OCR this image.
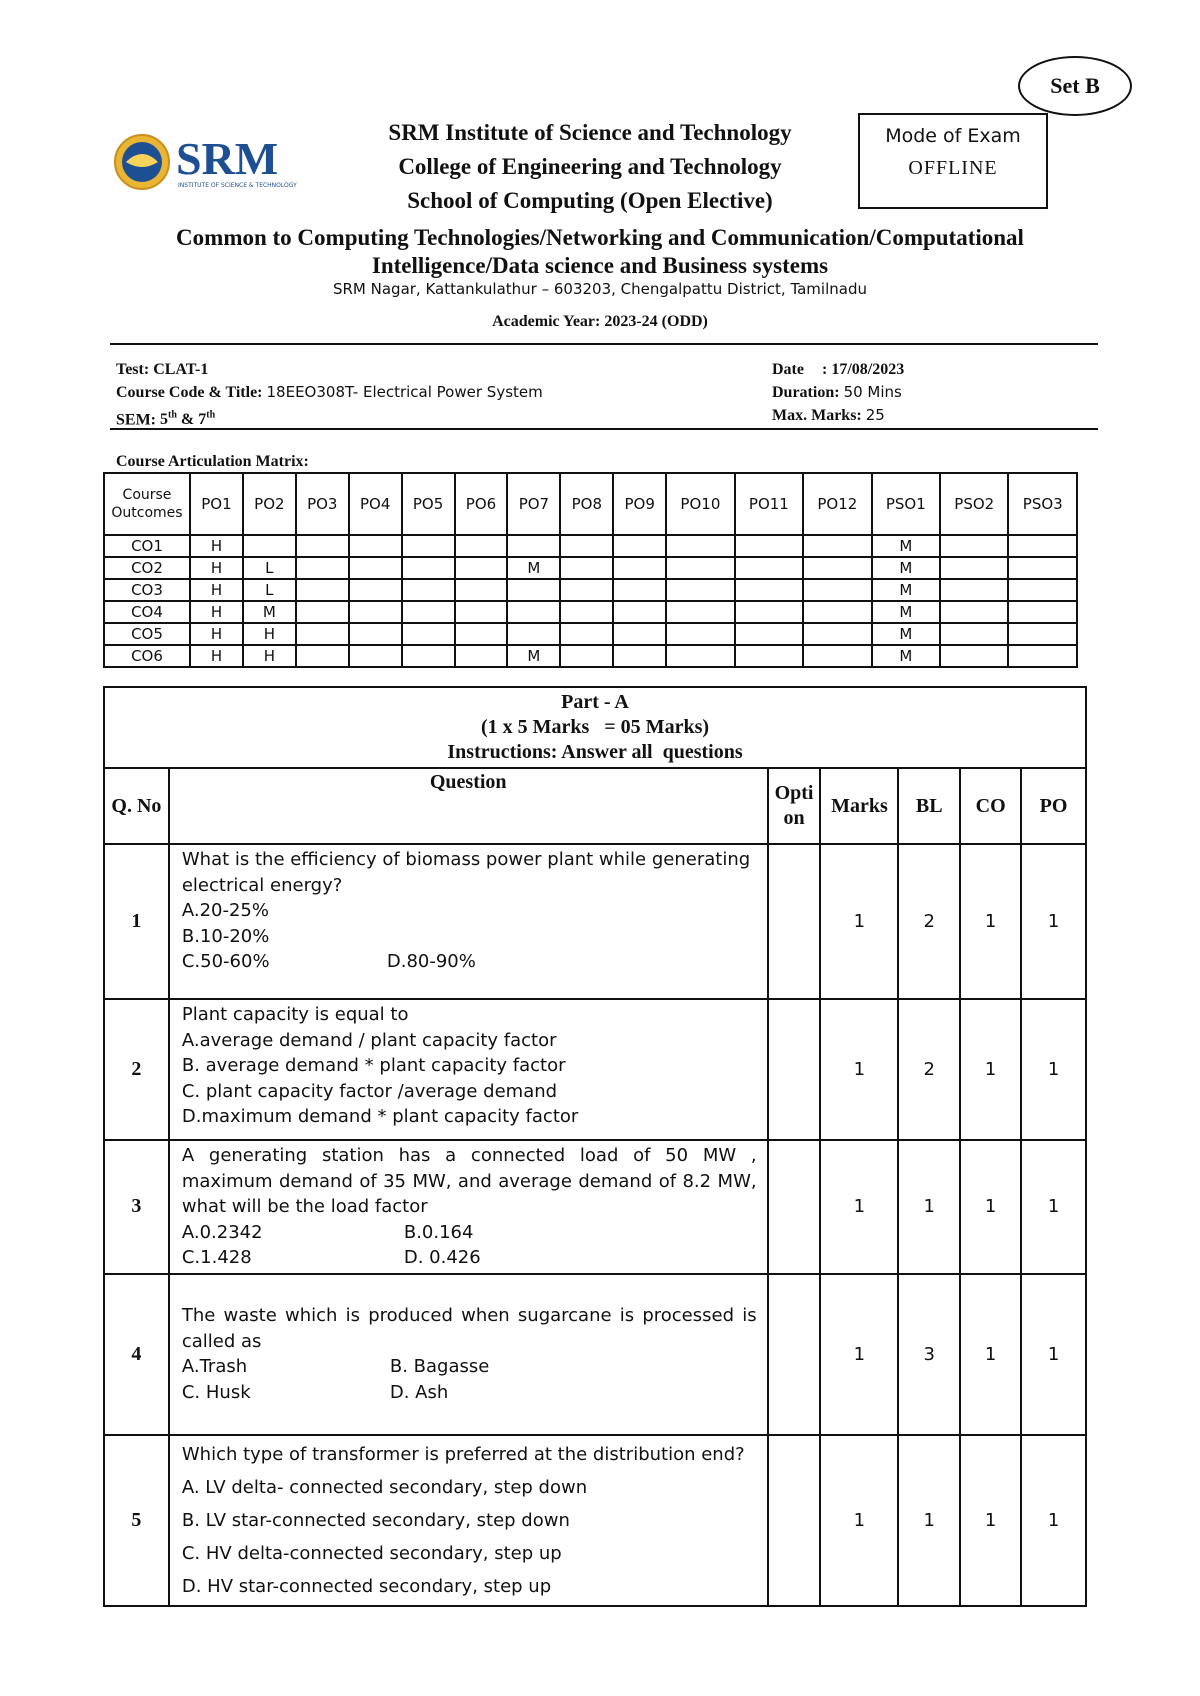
Set B
SRM
INSTITUTE OF SCIENCE & TECHNOLOGY
SRM Institute of Science and Technology
College of Engineering and Technology
School of Computing (Open Elective)
Mode of Exam
OFFLINE
Common to Computing Technologies/Networking and Communication/Computational
Intelligence/Data science and Business systems
SRM Nagar, Kattankulathur – 603203, Chengalpattu District, Tamilnadu
Academic Year: 2023-24 (ODD)
Test: CLAT-1
Course Code & Title: 18EEO308T- Electrical Power System
SEM: 5th & 7th
Date : 17/08/2023
Duration: 50 Mins
Max. Marks: 25
Course Articulation Matrix:
Course Outcomes	PO1	PO2	PO3	PO4	PO5	PO6	PO7	PO8	PO9	PO10	PO11	PO12	PSO1	PSO2	PSO3
CO1	H												M		
CO2	H	L					M						M		
CO3	H	L											M		
CO4	H	M											M		
CO5	H	H											M		
CO6	H	H					M						M		
Part - A
(1 x 5 Marks   = 05 Marks)
Instructions: Answer all  questions						

Q. No	Question	Option	Marks	BL	CO	PO
1	What is the efficiency of biomass power plant while generating electrical energy?
A.20-25%
B.10-20%
C.50-60% D.80-90%		1	2	1	1
2	Plant capacity is equal to
A.average demand / plant capacity factor
B. average demand * plant capacity factor
C. plant capacity factor /average demand
D.maximum demand * plant capacity factor		1	2	1	1
3	A generating station has a connected load of 50 MW , maximum demand of 35 MW, and average demand of 8.2 MW, what will be the load factor
A.0.2342 B.0.164
C.1.428 D. 0.426		1	1	1	1
4	The waste which is produced when sugarcane is processed is called as
A.Trash B. Bagasse
C. Husk D. Ash		1	3	1	1
5	Which type of transformer is preferred at the distribution end?
A. LV delta- connected secondary, step down
B. LV star-connected secondary, step down
C. HV delta-connected secondary, step up
D. HV star-connected secondary, step up		1	1	1	1
